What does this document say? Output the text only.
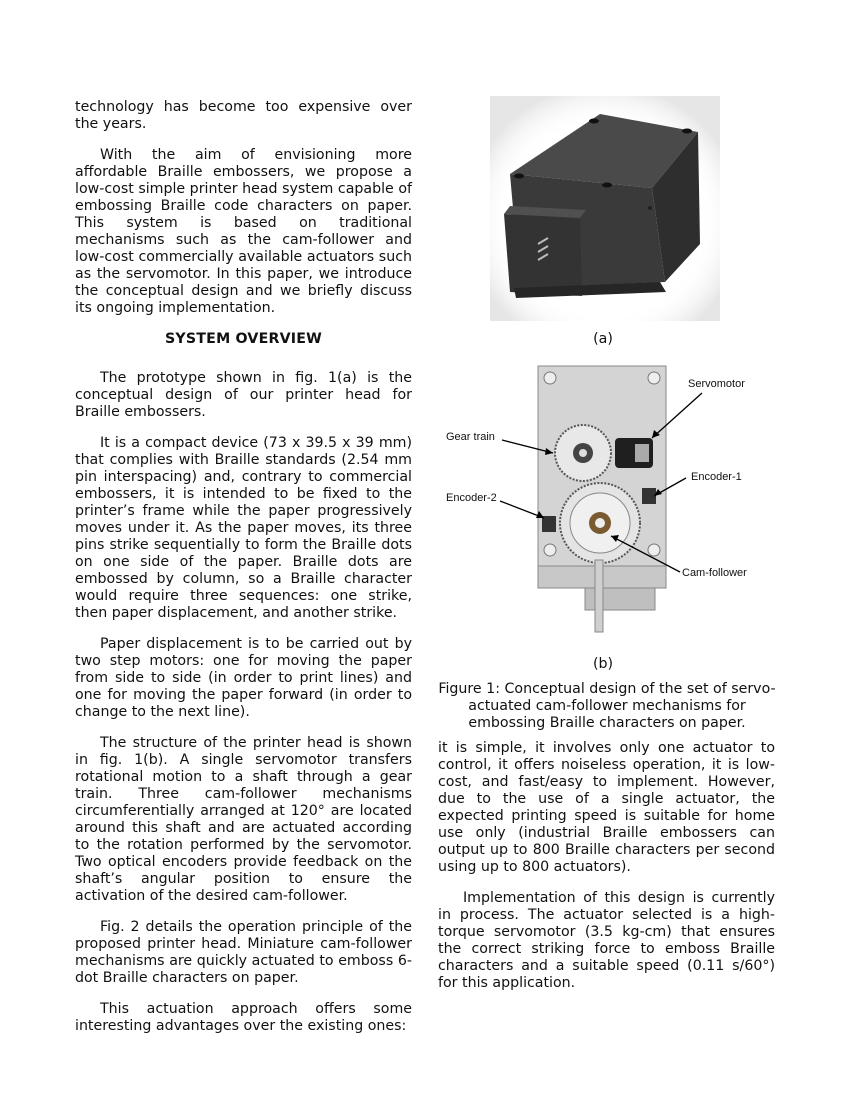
technology has become too expensive over the years.

With the aim of envisioning more affordable Braille embossers, we propose a low-cost simple printer head system capable of embossing Braille code characters on paper. This system is based on traditional mechanisms such as the cam-follower and low-cost commercially available actuators such as the servomotor. In this paper, we introduce the conceptual design and we briefly discuss its ongoing implementation.

SYSTEM OVERVIEW

The prototype shown in fig. 1(a) is the conceptual design of our printer head for Braille embossers.

It is a compact device (73 x 39.5 x 39 mm) that complies with Braille standards (2.54 mm pin interspacing) and, contrary to commercial embossers, it is intended to be fixed to the printer’s frame while the paper progressively moves under it. As the paper moves, its three pins strike sequentially to form the Braille dots on one side of the paper. Braille dots are embossed by column, so a Braille character would require three sequences: one strike, then paper displacement, and another strike.

Paper displacement is to be carried out by two step motors: one for moving the paper from side to side (in order to print lines) and one for moving the paper forward (in order to change to the next line).

The structure of the printer head is shown in fig. 1(b). A single servomotor transfers rotational motion to a shaft through a gear train. Three cam-follower mechanisms circumferentially arranged at 120° are located around this shaft and are actuated according to the rotation performed by the servomotor. Two optical encoders provide feedback on the shaft’s angular position to ensure the activation of the desired cam-follower.

Fig. 2 details the operation principle of the proposed printer head. Miniature cam-follower mechanisms are quickly actuated to emboss 6-dot Braille characters on paper.

This actuation approach offers some interesting advantages over the existing ones:

(a)
Servomotor
Gear train
Encoder-1
Encoder-2
Cam-follower
(b)
Figure 1: Conceptual design of the set of servo-actuated cam-follower mechanisms for embossing Braille characters on paper.

it is simple, it involves only one actuator to control, it offers noiseless operation, it is low-cost, and fast/easy to implement. However, due to the use of a single actuator, the expected printing speed is suitable for home use only (industrial Braille embossers can output up to 800 Braille characters per second using up to 800 actuators).

Implementation of this design is currently in process. The actuator selected is a high-torque servomotor (3.5 kg-cm) that ensures the correct striking force to emboss Braille characters and a suitable speed (0.11 s/60°) for this application.
